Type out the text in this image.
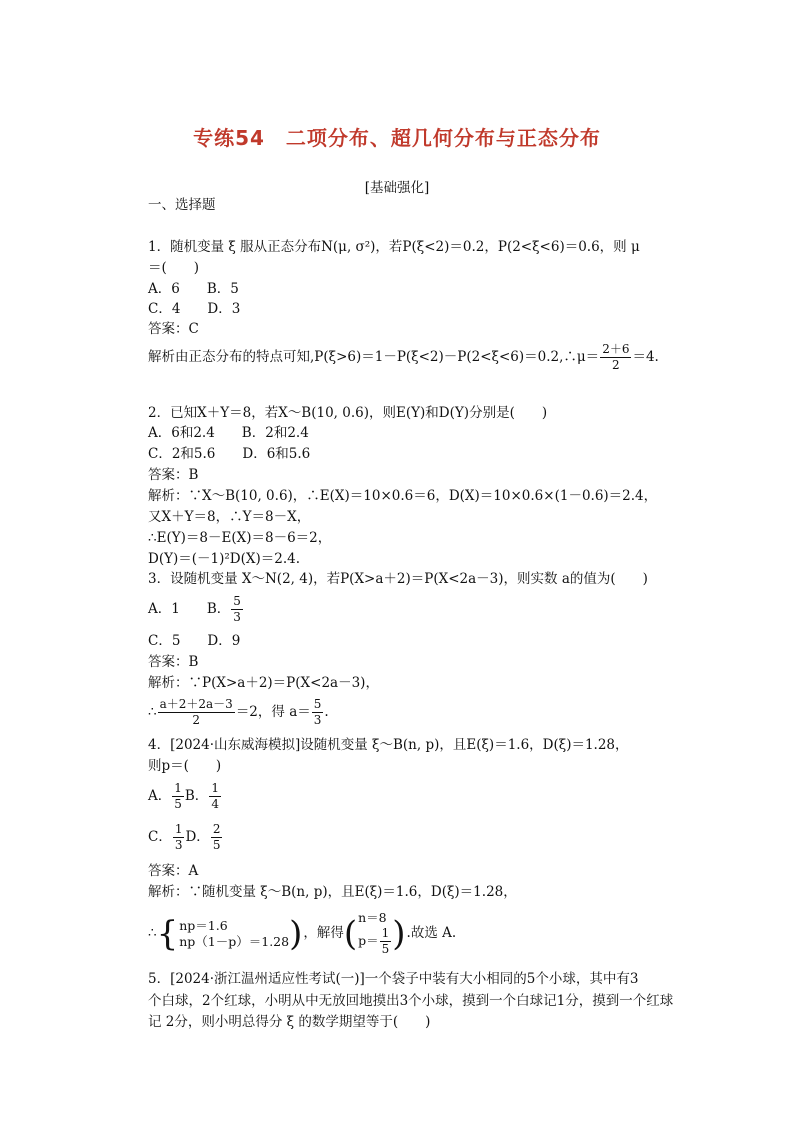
专练54　二项分布、超几何分布与正态分布
[基础强化]
一、选择题
1．随机变量 ξ 服从正态分布N(μ, σ²)，若P(ξ<2)＝0.2，P(2<ξ<6)＝0.6，则 μ
＝(　　)
A．6　　B．5
C．4　　D．3
答案：C
解析由正态分布的特点可知,P(ξ>6)＝1－P(ξ<2)－P(2<ξ<6)＝0.2,∴μ＝ $\frac{2+6}{2} =4$.
2．已知X＋Y＝8，若X～B(10, 0.6)，则E(Y)和D(Y)分别是(　　)
A．6和2.4　　B．2和2.4
C．2和5.6　　D．6和5.6
答案：B
解析：∵X～B(10, 0.6)，∴E(X)＝10×0.6＝6，D(X)＝10×0.6×(1－0.6)＝2.4，
又X＋Y＝8，∴Y＝8－X，
∴E(Y)＝8－E(X)＝8－6＝2，
D(Y)＝(－1)²D(X)＝2.4.
3．设随机变量 X～N(2, 4)，若P(X>a＋2)＝P(X<2a－3)，则实数 a的值为(　　)
A．1　　B． $\frac{5}{3}$
C．5　　D．9
答案：B
解析：∵P(X>a＋2)＝P(X<2a－3)，
∴ $\frac{a+2+2a-3}{2} =2$，得 $a= \frac{5}{3}$ .
4．[2024·山东威海模拟]设随机变量 ξ～B(n, p)，且E(ξ)＝1.6，D(ξ)＝1.28，
则p＝(　　)
A． $\frac{1}{5}$ B． $\frac{1}{4}$
C． $\frac{1}{3}$ D． $\frac{2}{5}$
答案：A
解析：∵随机变量 ξ～B(n, p)，且E(ξ)＝1.6，D(ξ)＝1.28，
∴{ np＝1.6
np（1－p）＝1.28 )，解得( n＝8
$p= \frac{1}{5}$ ).故选 A.
5．[2024·浙江温州适应性考试(一)]一个袋子中装有大小相同的5个小球，其中有3
个白球，2个红球，小明从中无放回地摸出3个小球，摸到一个白球记1分，摸到一个红球
记 2分，则小明总得分 ξ 的数学期望等于(　　)
